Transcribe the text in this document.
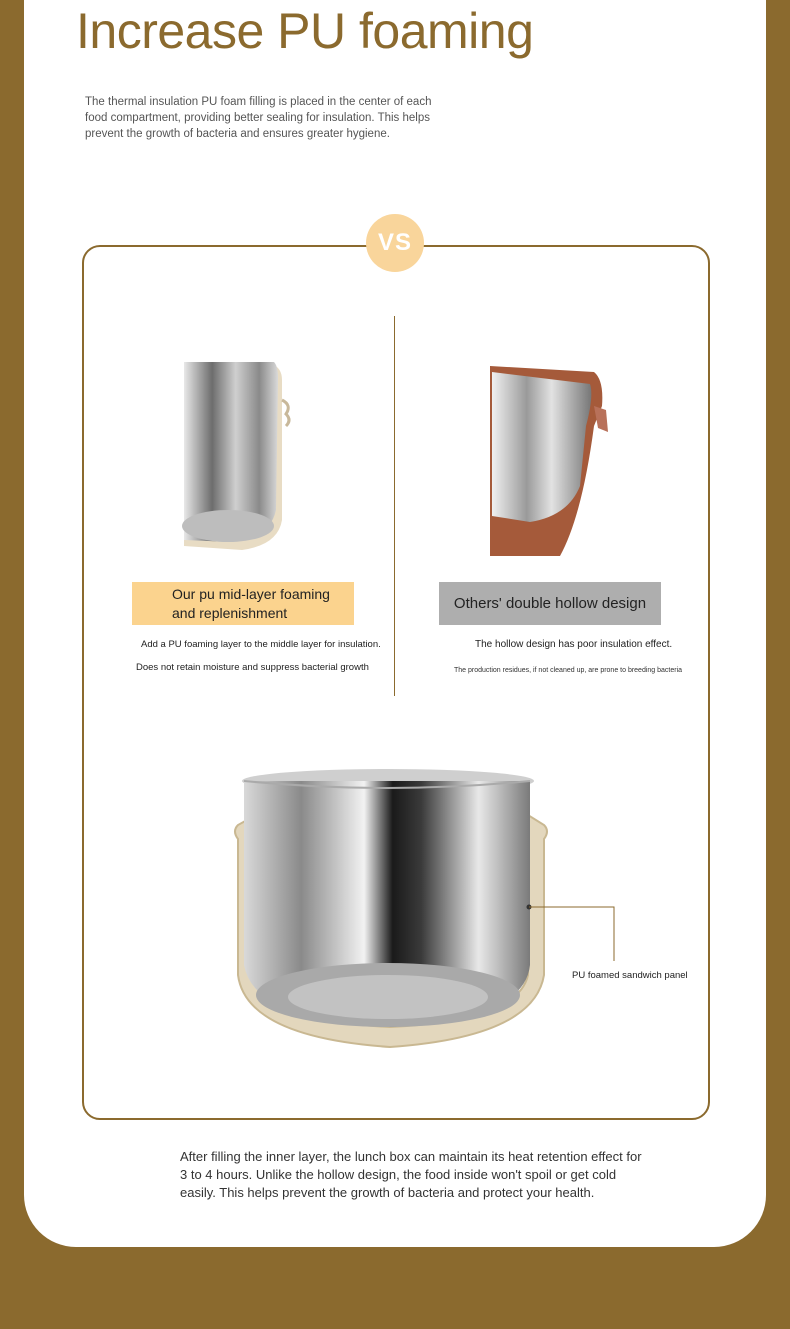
Increase PU foaming
The thermal insulation PU foam filling is placed in the center of each food compartment, providing better sealing for insulation. This helps prevent the growth of bacteria and ensures greater hygiene.
VS
Our pu mid-layer foaming
and replenishment
Add a PU foaming layer to the middle layer for insulation.
Does not retain moisture and suppress bacterial growth
Others' double hollow design
The hollow design has poor insulation effect.
The production residues, if not cleaned up, are prone to breeding bacteria
PU foamed sandwich panel
After filling the inner layer, the lunch box can maintain its heat retention effect for 3 to 4 hours. Unlike the hollow design, the food inside won't spoil or get cold easily. This helps prevent the growth of bacteria and protect your health.
